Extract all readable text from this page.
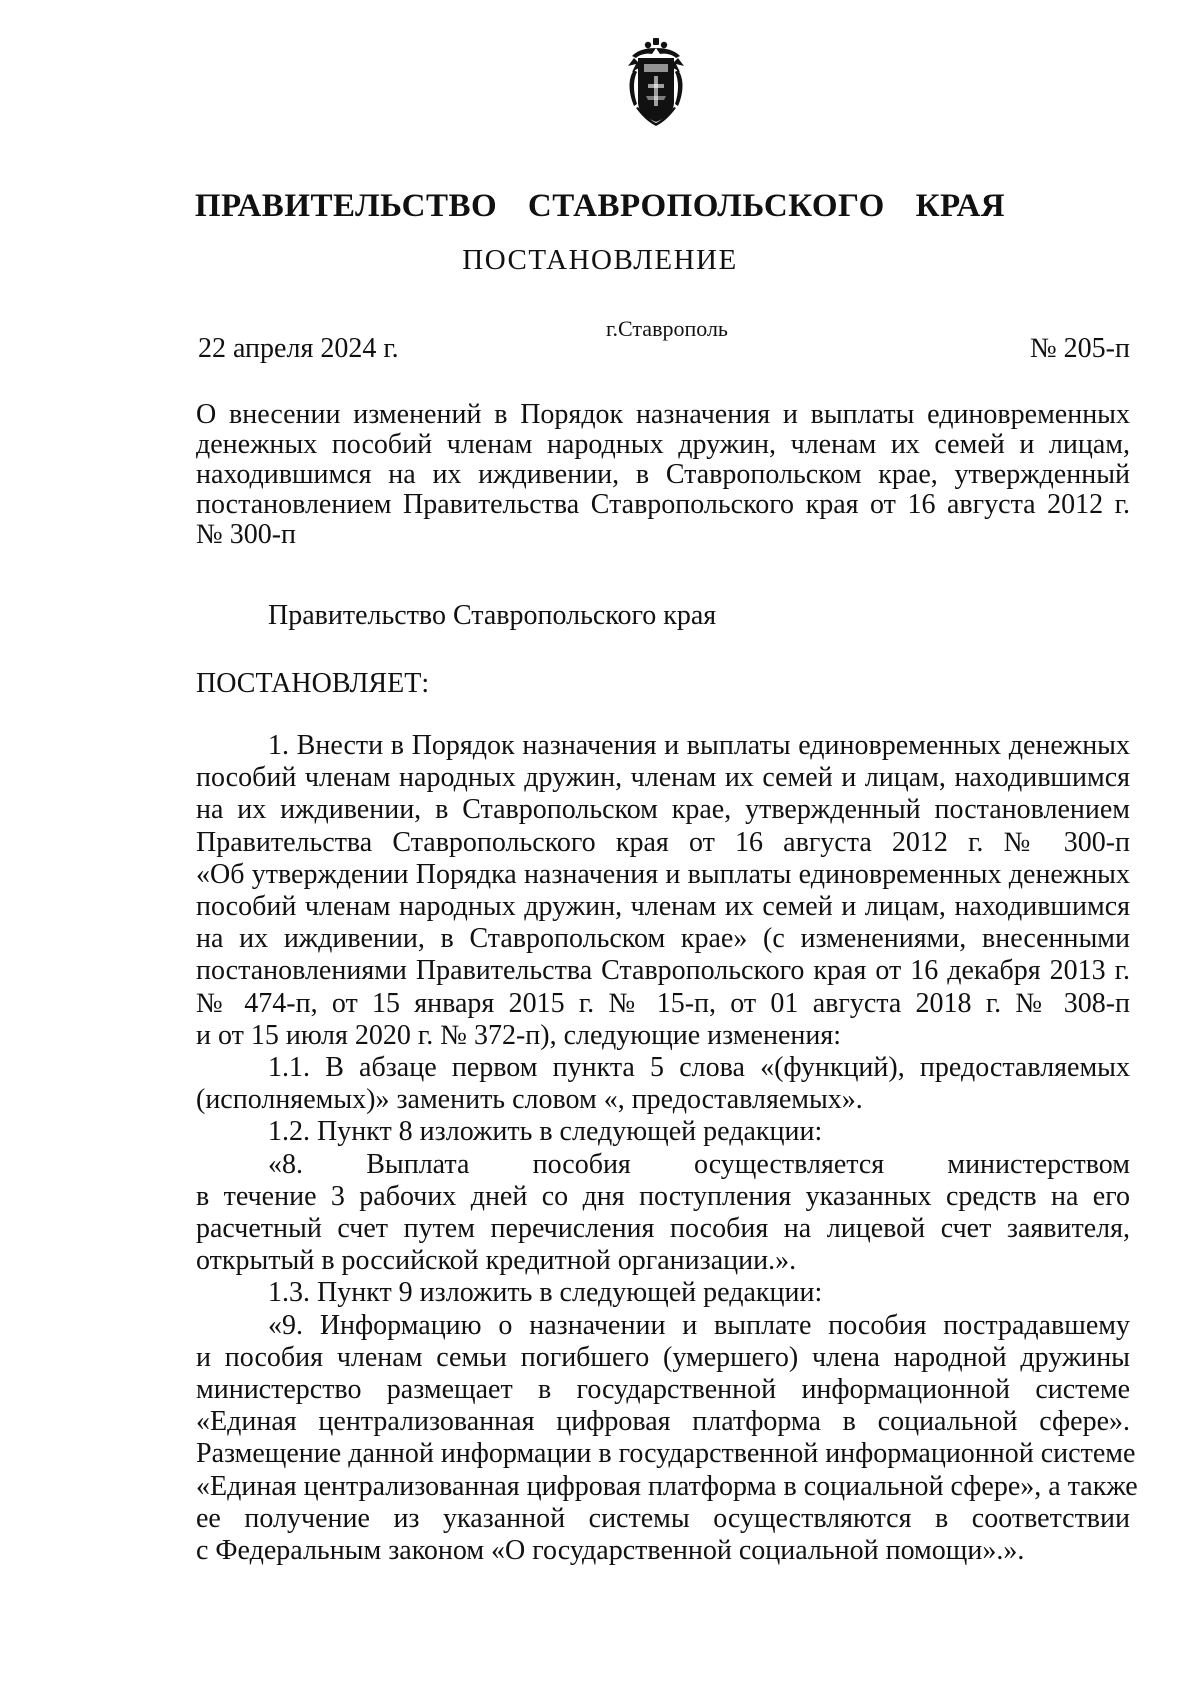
ПРАВИТЕЛЬСТВО СТАВРОПОЛЬСКОГО КРАЯ
ПОСТАНОВЛЕНИЕ
22 апреля 2024 г.
г.Ставрополь
№ 205-п
О внесении изменений в Порядок назначения и выплаты единовременных
денежных пособий членам народных дружин, членам их семей и лицам,
находившимся на их иждивении, в Ставропольском крае, утвержденный
постановлением Правительства Ставропольского края от 16 августа 2012 г.
№ 300-п
Правительство Ставропольского края
ПОСТАНОВЛЯЕТ:
1. Внести в Порядок назначения и выплаты единовременных денежных
пособий членам народных дружин, членам их семей и лицам, находившимся
на их иждивении, в Ставропольском крае, утвержденный постановлением
Правительства Ставропольского края от 16 августа 2012 г. № 300-п
«Об утверждении Порядка назначения и выплаты единовременных денежных
пособий членам народных дружин, членам их семей и лицам, находившимся
на их иждивении, в Ставропольском крае» (с изменениями, внесенными
постановлениями Правительства Ставропольского края от 16 декабря 2013 г.
№ 474-п, от 15 января 2015 г. № 15-п, от 01 августа 2018 г. № 308-п
и от 15 июля 2020 г. № 372-п), следующие изменения:
1.1. В абзаце первом пункта 5 слова «(функций), предоставляемых
(исполняемых)» заменить словом «, предоставляемых».
1.2. Пункт 8 изложить в следующей редакции:
«8. Выплата пособия осуществляется министерством
в течение 3 рабочих дней со дня поступления указанных средств на его
расчетный счет путем перечисления пособия на лицевой счет заявителя,
открытый в российской кредитной организации.».
1.3. Пункт 9 изложить в следующей редакции:
«9. Информацию о назначении и выплате пособия пострадавшему
и пособия членам семьи погибшего (умершего) члена народной дружины
министерство размещает в государственной информационной системе
«Единая централизованная цифровая платформа в социальной сфере».
Размещение данной информации в государственной информационной системе
«Единая централизованная цифровая платформа в социальной сфере», а также
ее получение из указанной системы осуществляются в соответствии
с Федеральным законом «О государственной социальной помощи».».
